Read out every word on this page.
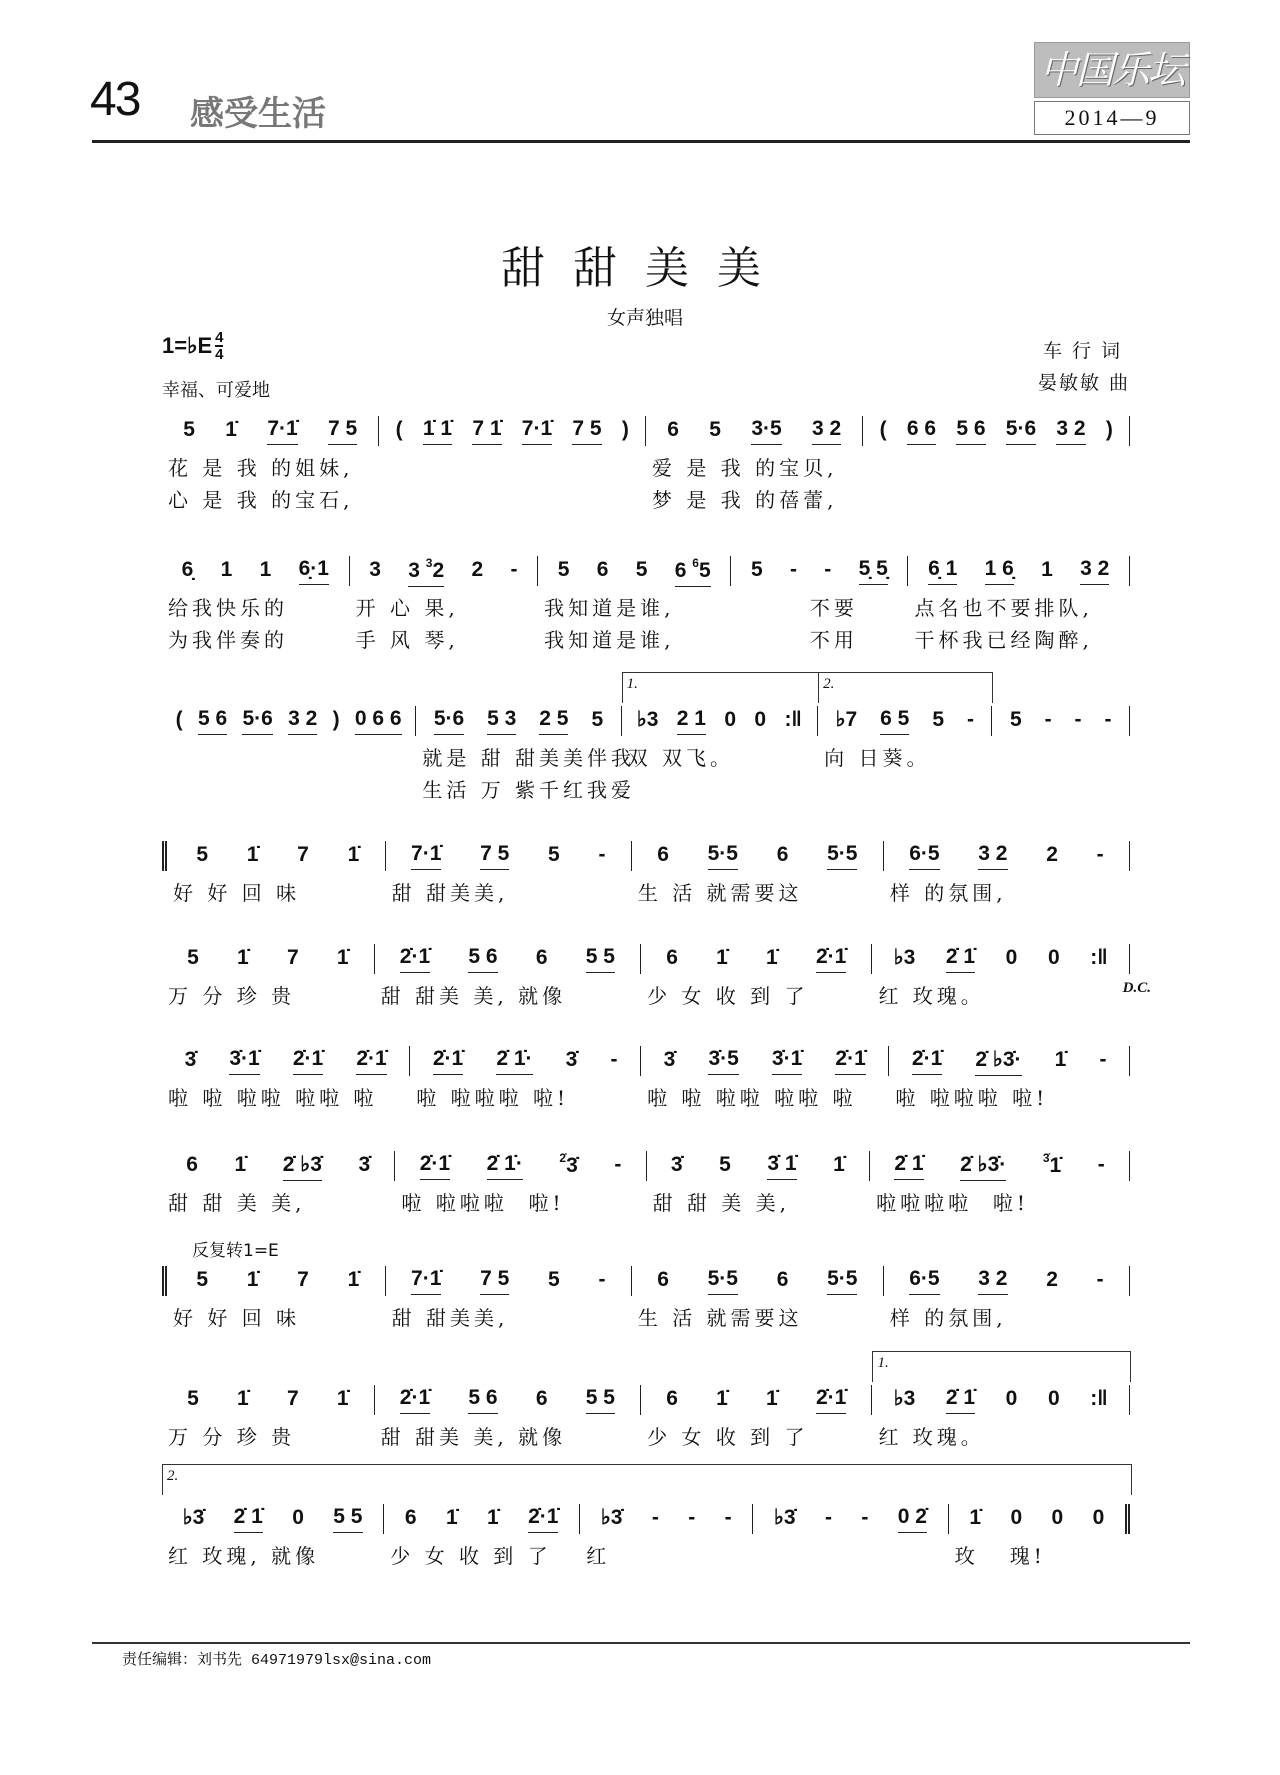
43 感受生活
中国乐坛
2014—9
甜甜美美
女声独唱
1=♭E $\frac{4}{4}$
幸福、可爱地
车行词
晏敏敏 曲
5 1̇ 7·1̇ 7 5
花 是 我 的姐妹,
心 是 我 的宝石,
( 1̇ 1̇ 7 1̇ 7·1̇ 7 5 ) 6 5 3·5 3 2
爱 是 我 的宝贝,
梦 是 我 的蓓蕾,
( 6 6 5 6 5·6 3 2 )
6̣ 1 1 6̣·1
给我快乐的
为我伴奏的
3 3 $^3$2 2 -
开 心 果,
手 风 琴,
5 6 5 6 $^6$5
我知道是谁,
我知道是谁,
5 - - 5̣ 5̣
不要
不用
6̣ 1 1 6̣ 1 3 2
点名也不要排队,
干杯我已经陶醉,
( 5 6 5·6 3 2 ) 0 6 6 5·6 5 3 2 5 5
就是 甜 甜美美伴我
生活 万 紫千红我爱
♭3 2 1 0 0 :‖
双 双飞。
1.
♭7 6 5 5 -
向 日葵。
2.
5 - - -
5 1̇ 7 1̇
好 好 回 味
7·1̇ 7 5 5 -
甜 甜美美,
6 5·5 6 5·5
生 活 就需要这
6·5 3 2 2 -
样 的氛围,
5 1̇ 7 1̇
万 分 珍 贵
2̇·1̇ 5 6 6 5 5
甜 甜美 美, 就像
6 1̇ 1̇ 2̇·1̇
少 女 收 到 了
♭3 2̇ 1̇ 0 0 :‖
红 玫瑰。	D.C.
3̇ 3̇·1̇ 2̇·1̇ 2̇·1̇
啦 啦 啦啦 啦啦 啦
2̇·1̇ 2̇ 1̇· 3̇ -
啦 啦啦啦 啦!
3̇ 3̇·5 3̇·1̇ 2̇·1̇
啦 啦 啦啦 啦啦 啦
2̇·1̇ 2̇ ♭3̇· 1̇ -
啦 啦啦啦 啦!
6 1̇ 2̇ ♭3̇ 3̇
甜 甜 美 美,
2̇·1̇ 2̇ 1̇·	$^{2̇}$3̇ -
啦 啦啦啦  啦!
3̇ 5 3̇ 1̇ 1̇
甜 甜 美 美,
2̇ 1̇ 2̇ ♭3̇·	$^{3̇}$1̇ -
啦啦啦啦  啦!
反复转1=E
5 1̇ 7 1̇
好 好 回 味
7·1̇ 7 5 5 -
甜 甜美美,
6 5·5 6 5·5
生 活 就需要这
6·5 3 2 2 -
样 的氛围,
5 1̇ 7 1̇
万 分 珍 贵
2̇·1̇ 5 6 6 5 5
甜 甜美 美, 就像
6 1̇ 1̇ 2̇·1̇
少 女 收 到 了
♭3 2̇ 1̇ 0 0 :‖
红 玫瑰。
1.
2.
♭3̇ 2̇ 1̇ 0 5 5
红 玫瑰, 就像
6 1̇ 1̇ 2̇·1̇
少 女 收 到 了
♭3̇ - - -
红
♭3̇ - - 0 2̇ 1̇ 0 0 0
玫   瑰!
责任编辑：刘书先 64971979lsx@sina.com
